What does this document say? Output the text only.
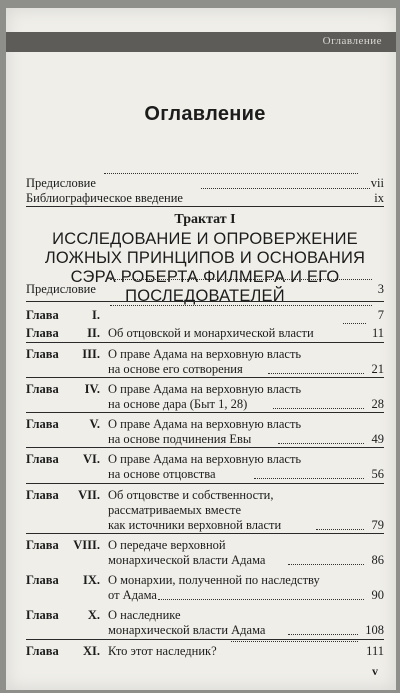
Оглавление
Оглавление
Предисловие	vii
Библиографическое введение	ix
Трактат I
ИССЛЕДОВАНИЕ И ОПРОВЕРЖЕНИЕ
ЛОЖНЫХ ПРИНЦИПОВ И ОСНОВАНИЯ
СЭРА РОБЕРТА ФИЛМЕРА И ЕГО
ПОСЛЕДОВАТЕЛЕЙ
Предисловие	3
Глава	I.	7
Глава	II. Об отцовской и монархической власти	11
Глава	III. О праве Адама на верховную власть
на основе его сотворения	21
Глава	IV. О праве Адама на верховную власть
на основе дара (Быт 1, 28)	28
Глава	V. О праве Адама на верховную власть
на основе подчинения Евы	49
Глава	VI. О праве Адама на верховную власть
на основе отцовства	56
Глава	VII. Об отцовстве и собственности,
рассматриваемых вместе
как источники верховной власти	79
Глава VIII. О передаче верховной
монархической власти Адама	86
Глава	IX. О монархии, полученной по наследству
от Адама	90
Глава	X. О наследнике
монархической власти Адама	108
Глава	XI. Кто этот наследник?	111
v
